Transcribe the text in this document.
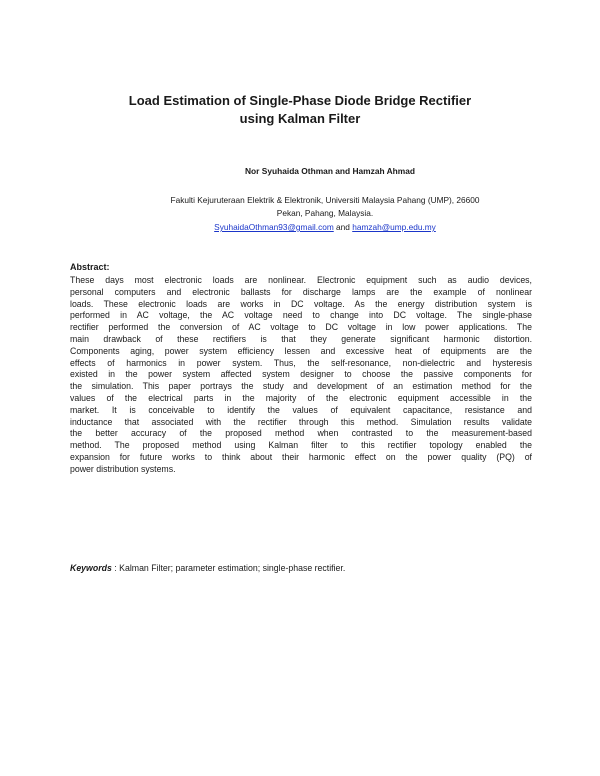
Load Estimation of Single-Phase Diode Bridge Rectifier
using Kalman Filter
Nor Syuhaida Othman and Hamzah Ahmad
Fakulti Kejuruteraan Elektrik & Elektronik, Universiti Malaysia Pahang (UMP), 26600
Pekan, Pahang, Malaysia.
SyuhaidaOthman93@gmail.com and hamzah@ump.edu.my
Abstract:
These days most electronic loads are nonlinear. Electronic equipment such as audio devices,
personal computers and electronic ballasts for discharge lamps are the example of nonlinear
loads. These electronic loads are works in DC voltage. As the energy distribution system is
performed in AC voltage, the AC voltage need to change into DC voltage. The single-phase
rectifier performed the conversion of AC voltage to DC voltage in low power applications. The
main drawback of these rectifiers is that they generate significant harmonic distortion.
Components aging, power system efficiency lessen and excessive heat of equipments are the
effects of harmonics in power system. Thus, the self-resonance, non-dielectric and hysteresis
existed in the power system affected system designer to choose the passive components for
the simulation. This paper portrays the study and development of an estimation method for the
values of the electrical parts in the majority of the electronic equipment accessible in the
market. It is conceivable to identify the values of equivalent capacitance, resistance and
inductance that associated with the rectifier through this method. Simulation results validate
the better accuracy of the proposed method when contrasted to the measurement-based
method. The proposed method using Kalman filter to this rectifier topology enabled the
expansion for future works to think about their harmonic effect on the power quality (PQ) of
power distribution systems.
Keywords : Kalman Filter; parameter estimation; single-phase rectifier.
